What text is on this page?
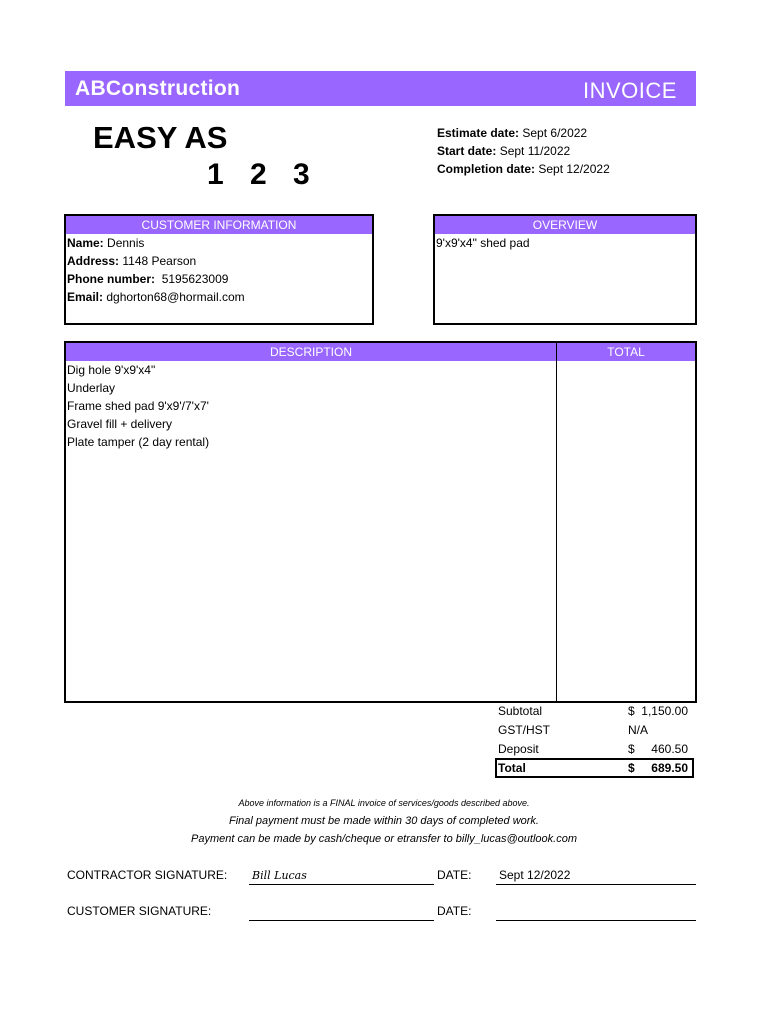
ABConstruction	INVOICE
EASY AS
1 2 3
Estimate date: Sept 6/2022
Start date: Sept 11/2022
Completion date: Sept 12/2022
CUSTOMER INFORMATION
Name: Dennis
Address: 1148 Pearson
Phone number: 5195623009
Email: dghorton68@hormail.com
OVERVIEW
9'x9'x4" shed pad
DESCRIPTION	TOTAL
Dig hole 9'x9'x4"
Underlay
Frame shed pad 9'x9'/7'x7'
Gravel fill + delivery
Plate tamper (2 day rental)
Subtotal	$ 1,150.00
GST/HST	N/A
Deposit	$ 460.50
Total	$ 689.50
Above information is a FINAL invoice of services/goods described above.
Final payment must be made within 30 days of completed work.
Payment can be made by cash/cheque or etransfer to billy_lucas@outlook.com
CONTRACTOR SIGNATURE: Bill Lucas	DATE: Sept 12/2022
CUSTOMER SIGNATURE:	DATE:
